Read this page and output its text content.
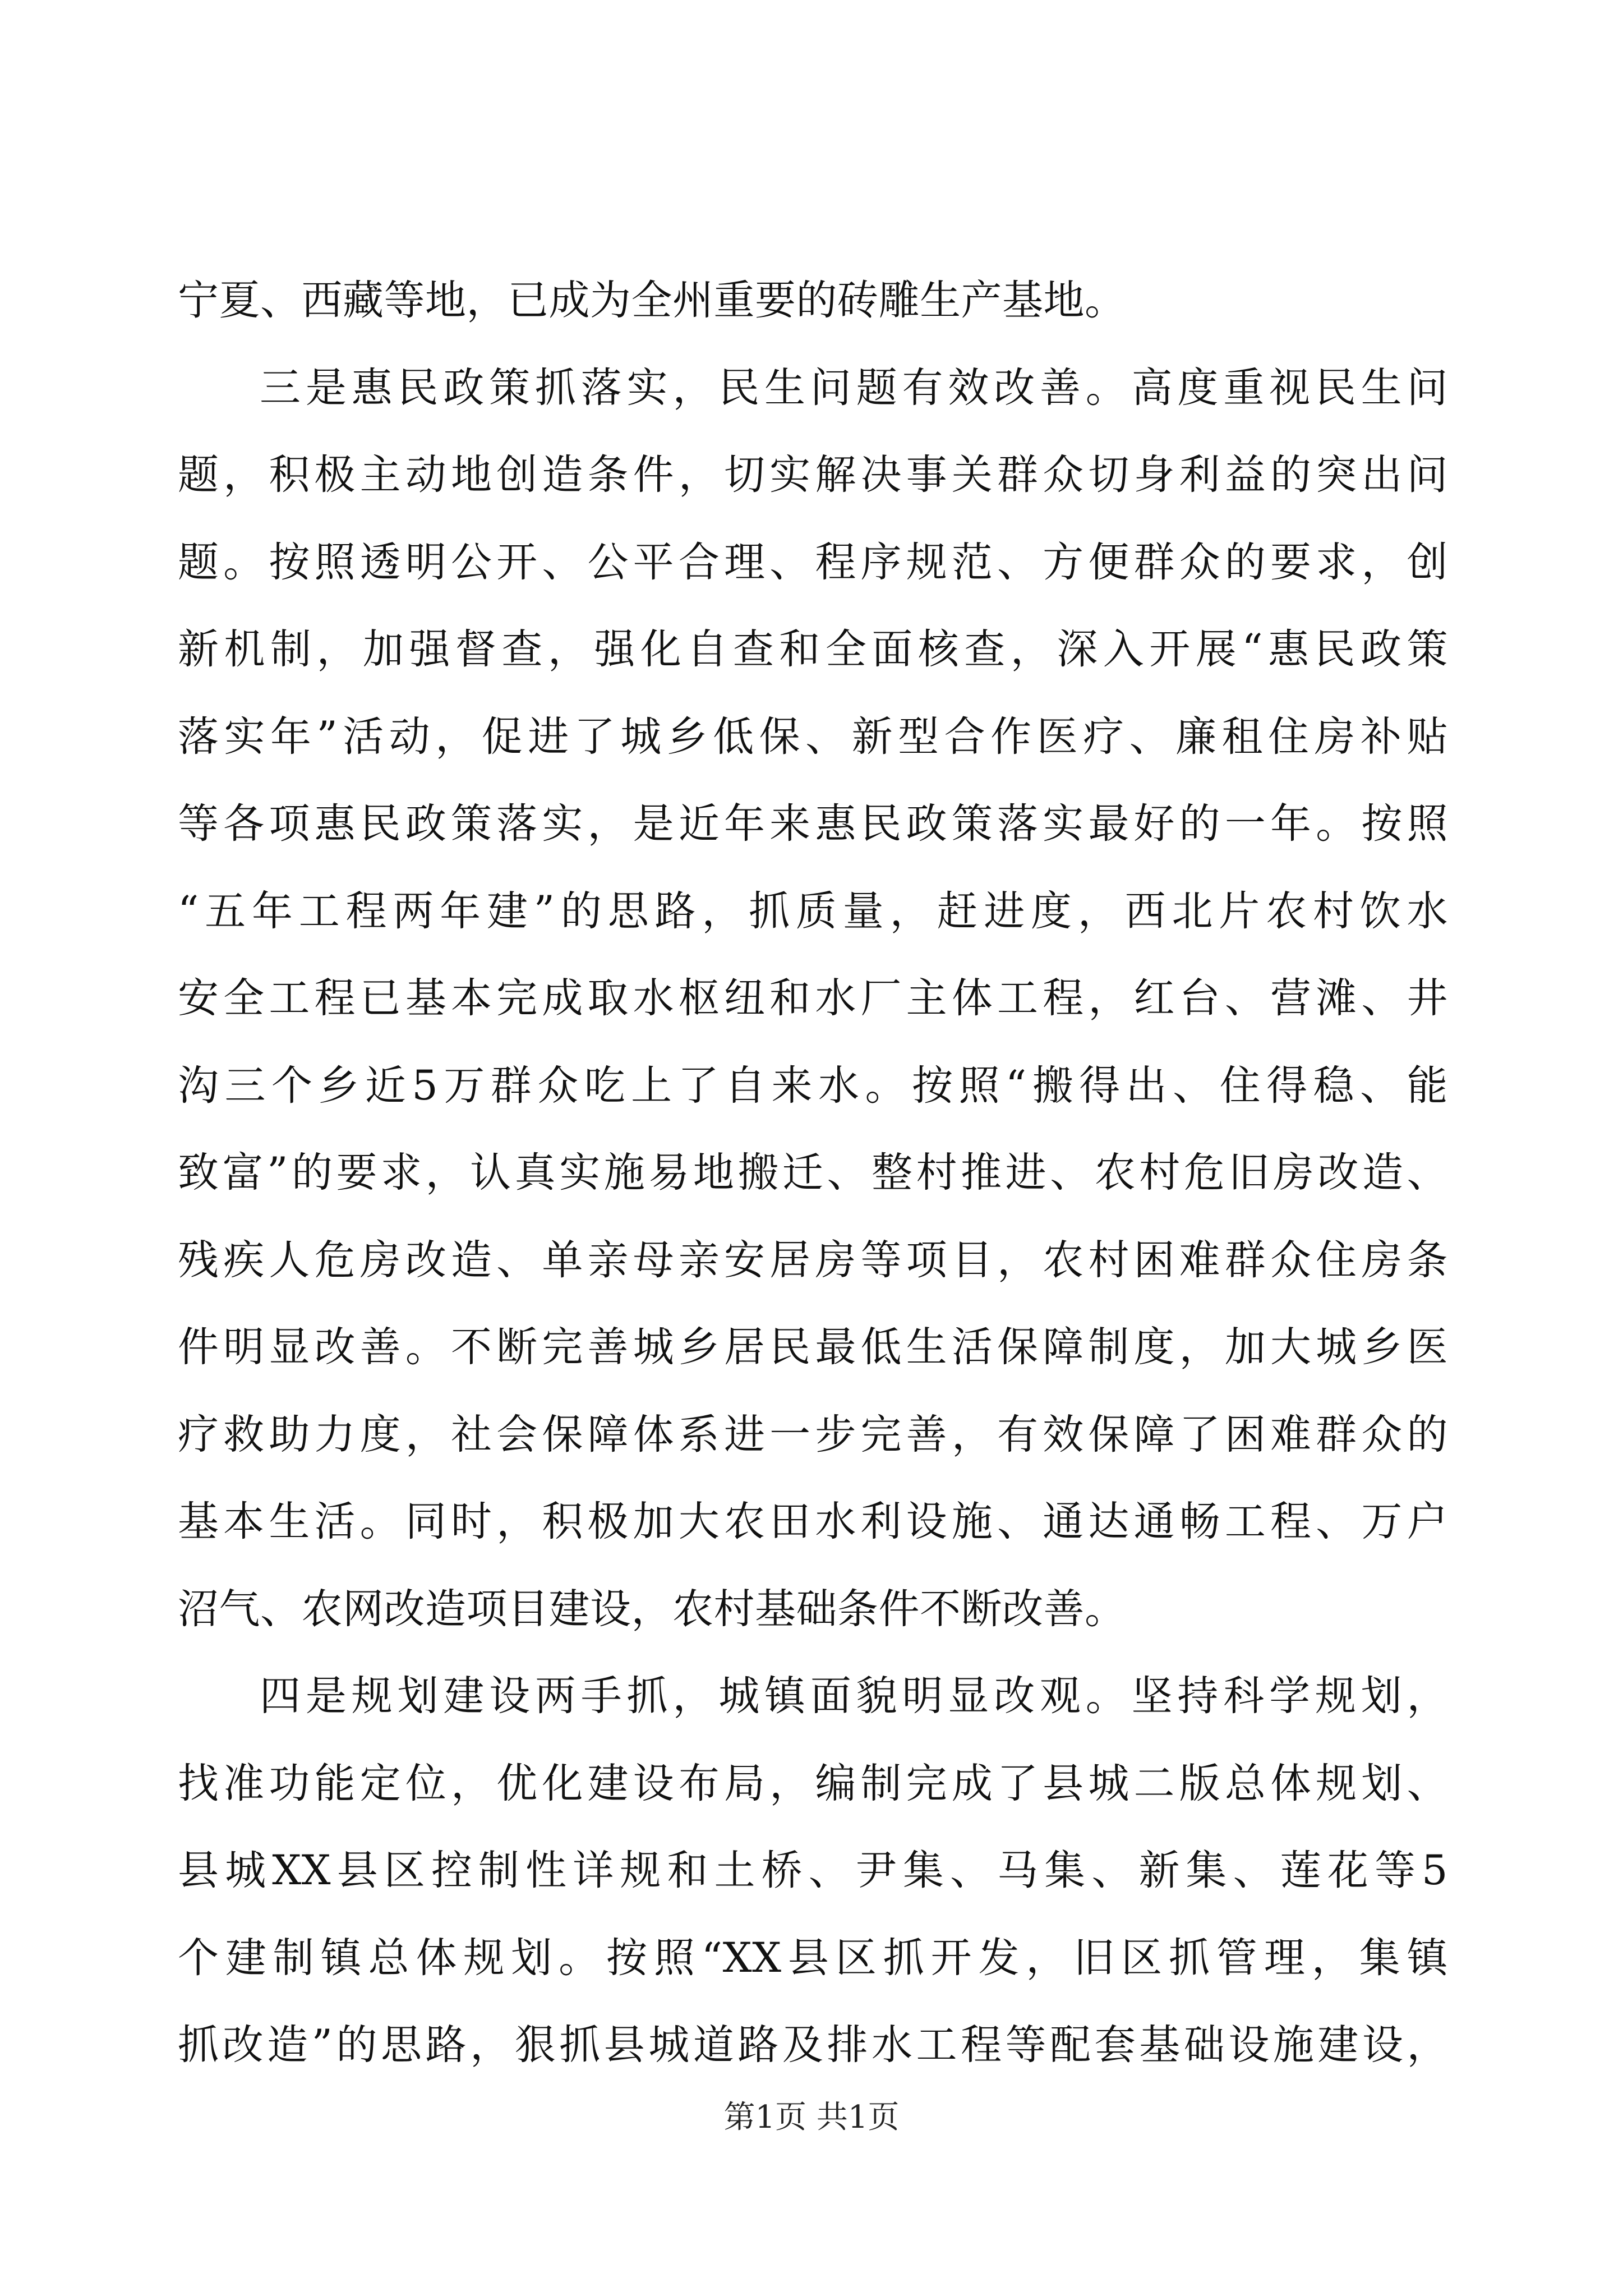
宁夏、西藏等地，已成为全州重要的砖雕生产基地。
三是惠民政策抓落实，民生问题有效改善。高度重视民生问
题，积极主动地创造条件，切实解决事关群众切身利益的突出问
题。按照透明公开、公平合理、程序规范、方便群众的要求，创
新机制，加强督查，强化自查和全面核查，深入开展“惠民政策
落实年”活动，促进了城乡低保、新型合作医疗、廉租住房补贴
等各项惠民政策落实，是近年来惠民政策落实最好的一年。按照
“五年工程两年建”的思路，抓质量，赶进度，西北片农村饮水
安全工程已基本完成取水枢纽和水厂主体工程，红台、营滩、井
沟三个乡近5万群众吃上了自来水。按照“搬得出、住得稳、能
致富”的要求，认真实施易地搬迁、整村推进、农村危旧房改造、
残疾人危房改造、单亲母亲安居房等项目，农村困难群众住房条
件明显改善。不断完善城乡居民最低生活保障制度，加大城乡医
疗救助力度，社会保障体系进一步完善，有效保障了困难群众的
基本生活。同时，积极加大农田水利设施、通达通畅工程、万户
沼气、农网改造项目建设，农村基础条件不断改善。
四是规划建设两手抓，城镇面貌明显改观。坚持科学规划，
找准功能定位，优化建设布局，编制完成了县城二版总体规划、
县城XX县区控制性详规和土桥、尹集、马集、新集、莲花等5
个建制镇总体规划。按照“XX县区抓开发，旧区抓管理，集镇
抓改造”的思路，狠抓县城道路及排水工程等配套基础设施建设，
第1页 共1页
